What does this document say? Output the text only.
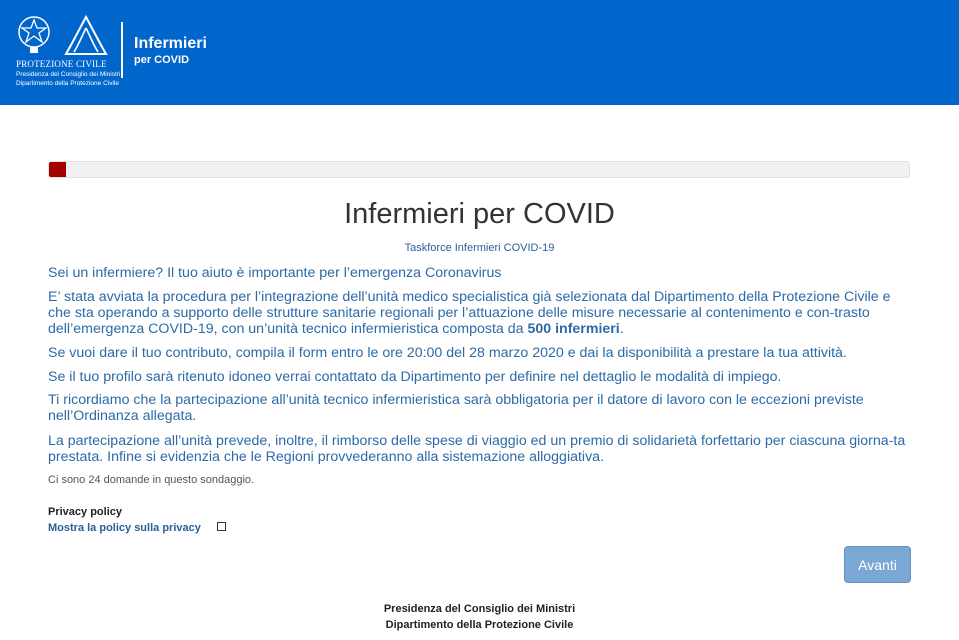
PROTEZIONE CIVILE
Presidenza del Consiglio dei Ministri
Dipartimento della Protezione Civile
Infermieri
per COVID
Infermieri per COVID
Taskforce Infermieri COVID-19
Sei un infermiere? Il tuo aiuto è importante per l’emergenza Coronavirus
E’ stata avviata la procedura per l’integrazione dell’unità medico specialistica già selezionata dal Dipartimento della Protezione Civile e che sta operando a supporto delle strutture sanitarie regionali per l’attuazione delle misure necessarie al contenimento e con-trasto dell’emergenza COVID-19, con un’unità tecnico infermieristica composta da 500 infermieri.
Se vuoi dare il tuo contributo, compila il form entro le ore 20:00 del 28 marzo 2020 e dai la disponibilità a prestare la tua attività.
Se il tuo profilo sarà ritenuto idoneo verrai contattato da Dipartimento per definire nel dettaglio le modalità di impiego.
Ti ricordiamo che la partecipazione all’unità tecnico infermieristica sarà obbligatoria per il datore di lavoro con le eccezioni previste nell’Ordinanza allegata.
La partecipazione all’unità prevede, inoltre, il rimborso delle spese di viaggio ed un premio di solidarietà forfettario per ciascuna giorna-ta prestata. Infine si evidenzia che le Regioni provvederanno alla sistemazione alloggiativa.
Ci sono 24 domande in questo sondaggio.
Privacy policy
Mostra la policy sulla privacy
Avanti
Presidenza del Consiglio dei Ministri
Dipartimento della Protezione Civile
